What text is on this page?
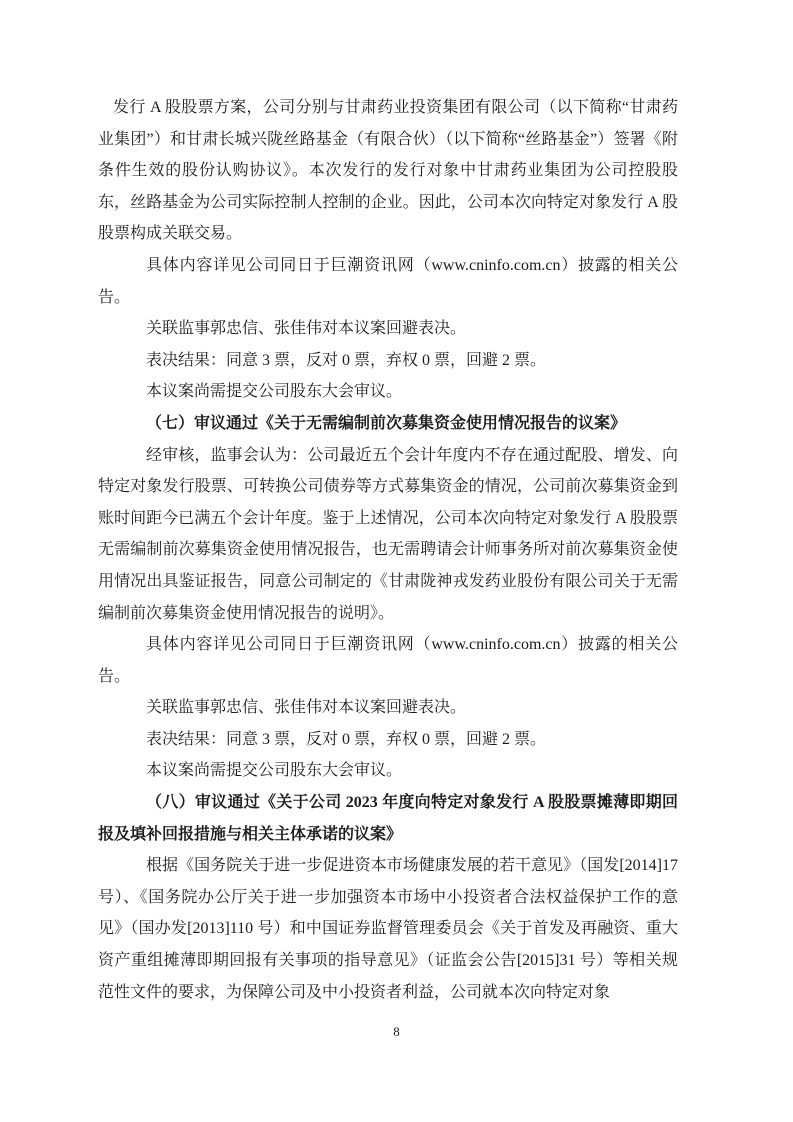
发行 A 股股票方案，公司分别与甘肃药业投资集团有限公司（以下简称“甘肃药业集团”）和甘肃长城兴陇丝路基金（有限合伙）（以下简称“丝路基金”）签署《附条件生效的股份认购协议》。本次发行的发行对象中甘肃药业集团为公司控股股东，丝路基金为公司实际控制人控制的企业。因此，公司本次向特定对象发行 A 股股票构成关联交易。

具体内容详见公司同日于巨潮资讯网（www.cninfo.com.cn）披露的相关公告。

关联监事郭忠信、张佳伟对本议案回避表决。

表决结果：同意 3 票，反对 0 票，弃权 0 票，回避 2 票。

本议案尚需提交公司股东大会审议。

（七）审议通过《关于无需编制前次募集资金使用情况报告的议案》

经审核，监事会认为：公司最近五个会计年度内不存在通过配股、增发、向特定对象发行股票、可转换公司债券等方式募集资金的情况，公司前次募集资金到账时间距今已满五个会计年度。鉴于上述情况，公司本次向特定对象发行 A 股股票无需编制前次募集资金使用情况报告，也无需聘请会计师事务所对前次募集资金使用情况出具鉴证报告，同意公司制定的《甘肃陇神戎发药业股份有限公司关于无需编制前次募集资金使用情况报告的说明》。

具体内容详见公司同日于巨潮资讯网（www.cninfo.com.cn）披露的相关公告。

关联监事郭忠信、张佳伟对本议案回避表决。

表决结果：同意 3 票，反对 0 票，弃权 0 票，回避 2 票。

本议案尚需提交公司股东大会审议。

（八）审议通过《关于公司 2023 年度向特定对象发行 A 股股票摊薄即期回报及填补回报措施与相关主体承诺的议案》

根据《国务院关于进一步促进资本市场健康发展的若干意见》（国发[2014]17 号）、《国务院办公厅关于进一步加强资本市场中小投资者合法权益保护工作的意见》（国办发[2013]110 号）和中国证券监督管理委员会《关于首发及再融资、重大资产重组摊薄即期回报有关事项的指导意见》（证监会公告[2015]31 号）等相关规范性文件的要求，为保障公司及中小投资者利益，公司就本次向特定对象

8
